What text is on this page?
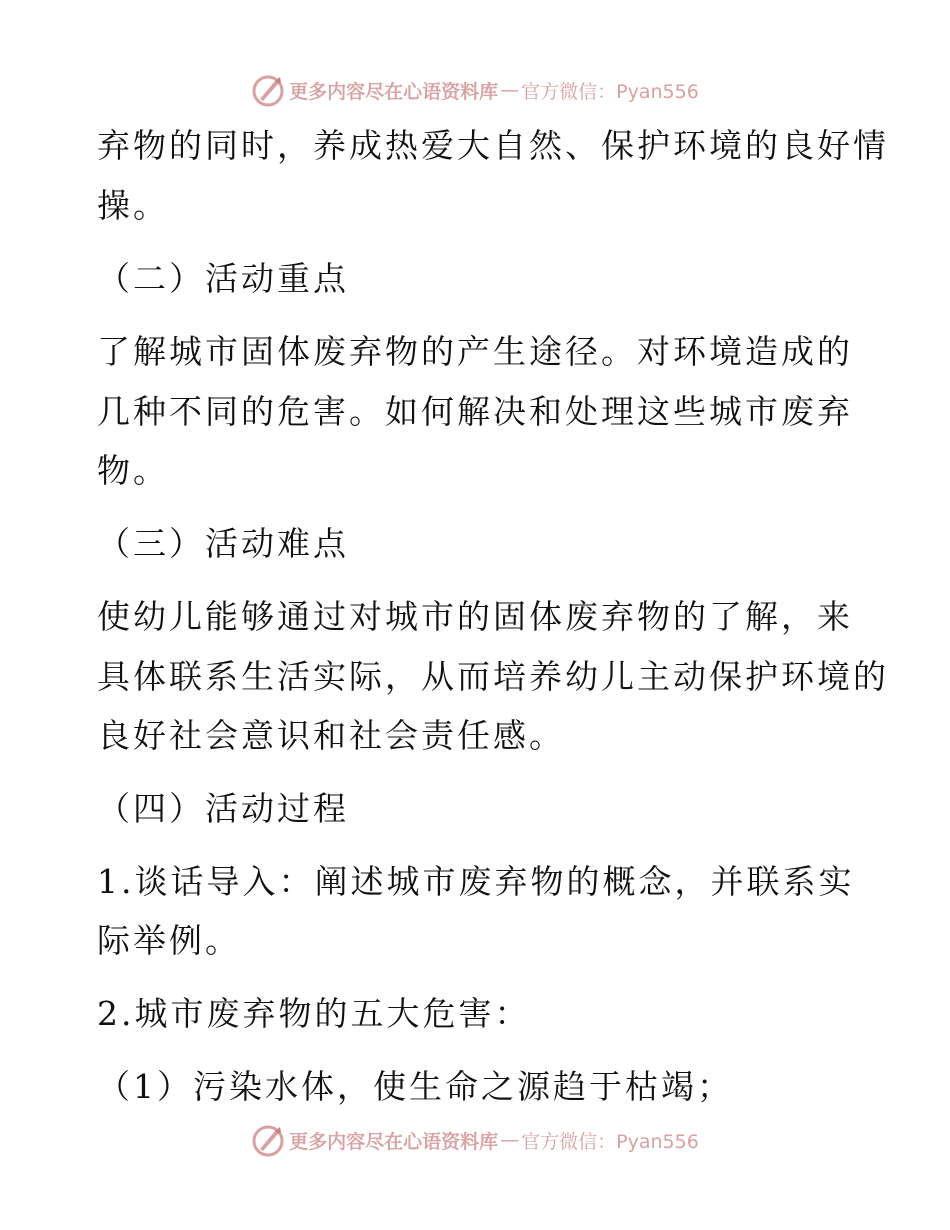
更多内容尽在心语资料库 — 官方微信：Pyan556
弃物的同时，养成热爱大自然、保护环境的良好情
操。
（二）活动重点
了解城市固体废弃物的产生途径。对环境造成的
几种不同的危害。如何解决和处理这些城市废弃
物。
（三）活动难点
使幼儿能够通过对城市的固体废弃物的了解，来
具体联系生活实际，从而培养幼儿主动保护环境的
良好社会意识和社会责任感。
（四）活动过程
1.谈话导入：阐述城市废弃物的概念，并联系实
际举例。
2.城市废弃物的五大危害：
（1）污染水体，使生命之源趋于枯竭；
更多内容尽在心语资料库 — 官方微信：Pyan556
